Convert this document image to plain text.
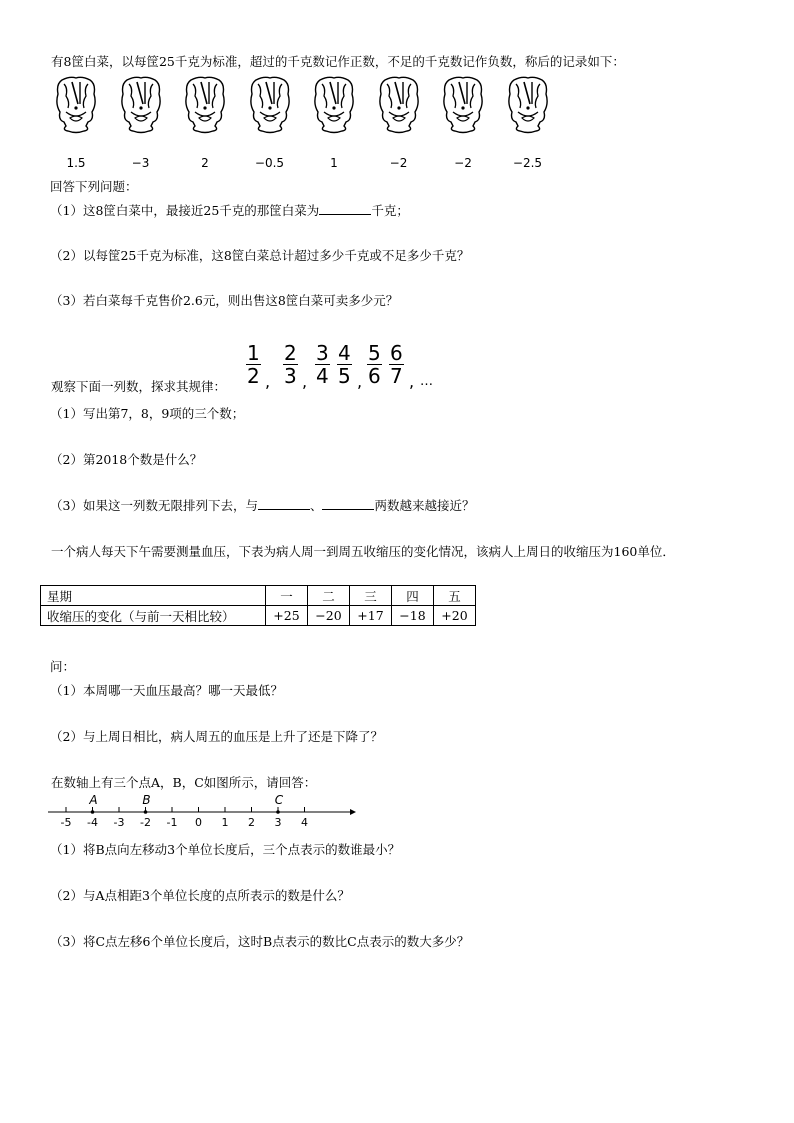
有8筐白菜，以每筐25千克为标准，超过的千克数记作正数，不足的千克数记作负数，称后的记录如下：
1.5	−3	2	−0.5	1	−2	−2	−2.5
回答下列问题：
（1）这8筐白菜中，最接近25千克的那筐白菜为	千克；
（2）以每筐25千克为标准，这8筐白菜总计超过多少千克或不足多少千克？
（3）若白菜每千克售价2.6元，则出售这8筐白菜可卖多少元？
观察下面一列数，探求其规律： $\frac{1}{2}$ , $\frac{2}{3}$ , $\frac{3}{4} \frac{4}{5}$ , $\frac{5}{6} \frac{6}{7}$ , …
（1）写出第7，8，9项的三个数；
（2）第2018个数是什么？
（3）如果这一列数无限排列下去，与	、	两数越来越接近？
一个病人每天下午需要测量血压，下表为病人周一到周五收缩压的变化情况，该病人上周日的收缩压为160单位．
星期	一	二	三	四	五
收缩压的变化（与前一天相比较）	+25	−20	+17	−18	+20
问：
（1）本周哪一天血压最高？哪一天最低？
（2）与上周日相比，病人周五的血压是上升了还是下降了？
在数轴上有三个点A，B，C如图所示，请回答：
-5 -4 -3 -2 -1 0 1 2 3 4
A	B	C
（1）将B点向左移动3个单位长度后，三个点表示的数谁最小？
（2）与A点相距3个单位长度的点所表示的数是什么？
（3）将C点左移6个单位长度后，这时B点表示的数比C点表示的数大多少？
